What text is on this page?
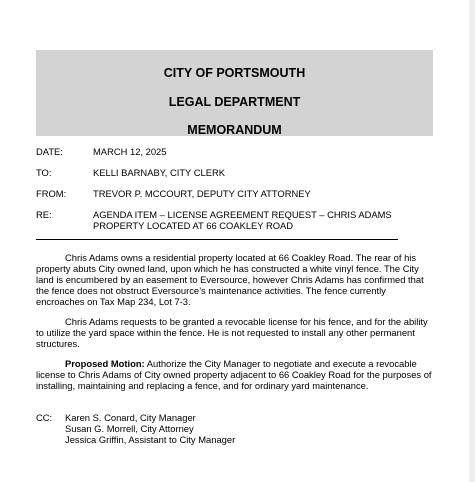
CITY OF PORTSMOUTH
LEGAL DEPARTMENT
MEMORANDUM
DATE:	MARCH 12, 2025
TO:	KELLI BARNABY, CITY CLERK
FROM:	TREVOR P. MCCOURT, DEPUTY CITY ATTORNEY
RE:	AGENDA ITEM – LICENSE AGREEMENT REQUEST – CHRIS ADAMS
PROPERTY LOCATED AT 66 COAKLEY ROAD
Chris Adams owns a residential property located at 66 Coakley Road. The rear of his
property abuts City owned land, upon which he has constructed a white vinyl fence. The City
land is encumbered by an easement to Eversource, however Chris Adams has confirmed that
the fence does not obstruct Eversource’s maintenance activities. The fence currently
encroaches on Tax Map 234, Lot 7-3.
Chris Adams requests to be granted a revocable license for his fence, and for the ability
to utilize the yard space within the fence. He is not requested to install any other permanent
structures.
Proposed Motion: Authorize the City Manager to negotiate and execute a revocable
license to Chris Adams of City owned property adjacent to 66 Coakley Road for the purposes of
installing, maintaining and replacing a fence, and for ordinary yard maintenance.
CC: Karen S. Conard, City Manager
Susan G. Morrell, City Attorney
Jessica Griffin, Assistant to City Manager
